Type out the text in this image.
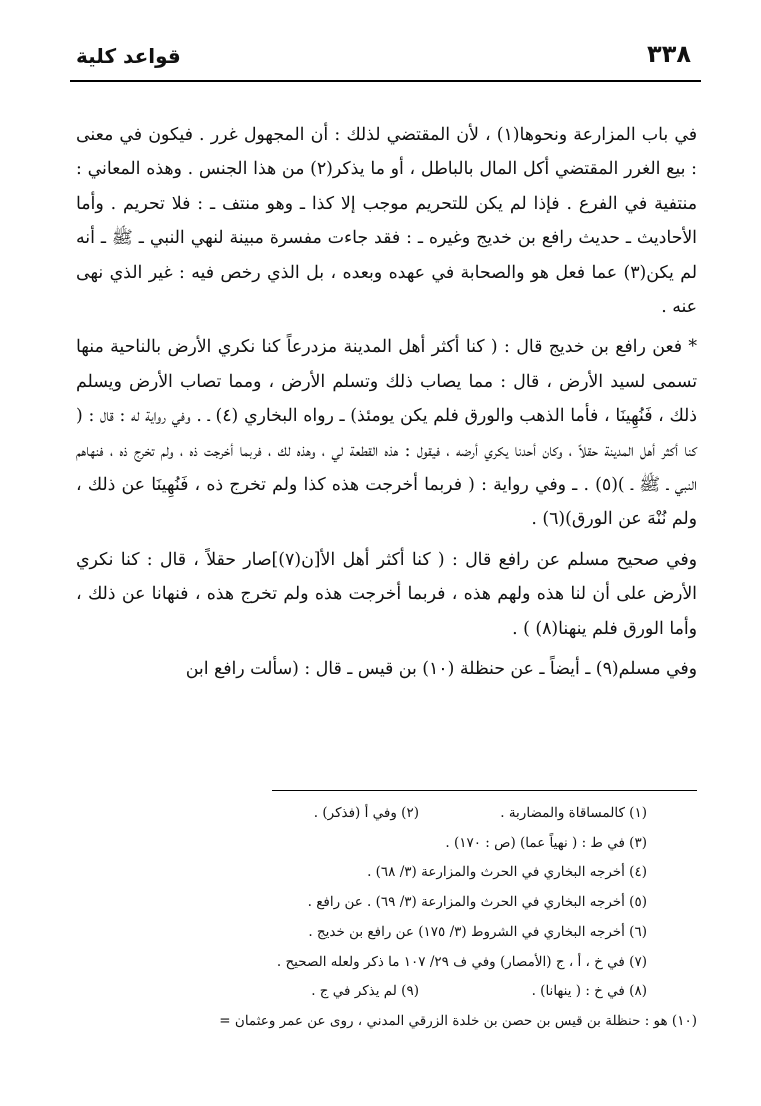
٣٣٨
قواعد كلية

في باب المزارعة ونحوها(١) ، لأن المقتضي لذلك : أن المجهول غرر . فيكون في معنى : بيع الغرر المقتضي أكل المال بالباطل ، أو ما يذكر(٢) من هذا الجنس . وهذه المعاني : منتفية في الفرع . فإذا لم يكن للتحريم موجب إلا كذا ـ وهو منتف ـ : فلا تحريم . وأما الأحاديث ـ حديث رافع بن خديج وغيره ـ : فقد جاءت مفسرة مبينة لنهي النبي ـ ﷺ ـ أنه لم يكن(٣) عما فعل هو والصحابة في عهده وبعده ، بل الذي رخص فيه : غير الذي نهى عنه .

* فعن رافع بن خديج قال : ( كنا أكثر أهل المدينة مزدرعاً كنا نكري الأرض بالناحية منها تسمى لسيد الأرض ، قال : مما يصاب ذلك وتسلم الأرض ، ومما تصاب الأرض ويسلم ذلك ، فَنُهِينَا ، فأما الذهب والورق فلم يكن يومئذ) ـ رواه البخاري (٤) ـ . وفي رواية له : قال : ( كنا أكثر أهل المدينة حقلاً ، وكان أحدنا يكري أرضه ، فيقول : هذه القطعة لي ، وهذه لك ، فربما أخرجت ذه ، ولم تخرج ذه ، فنهاهم النبي ـ ﷺ ـ )(٥) . ـ وفي رواية : ( فربما أخرجت هذه كذا ولم تخرج ذه ، فَنُهِينَا عن ذلك ، ولم نُنْهَ عن الورق)(٦) .

وفي صحيح مسلم عن رافع قال : ( كنا أكثر أهل الأ[ن(٧)]صار حقلاً ، قال : كنا نكري الأرض على أن لنا هذه ولهم هذه ، فربما أخرجت هذه ولم تخرج هذه ، فنهانا عن ذلك ، وأما الورق فلم ينهنا(٨) ) .

وفي مسلم(٩) ـ أيضاً ـ عن حنظلة (١٠) بن قيس ـ قال : (سألت رافع ابن

(١) كالمساقاة والمضاربة .
(٢) وفي أ (فذكر) .
(٣) في ط : ( نهياً عما) (ص : ١٧٠) .
(٤) أخرجه البخاري في الحرث والمزارعة (٣/ ٦٨) .
(٥) أخرجه البخاري في الحرث والمزارعة (٣/ ٦٩) . عن رافع .
(٦) أخرجه البخاري في الشروط (٣/ ١٧٥) عن رافع بن خديج .
(٧) في خ ، أ ، ج (الأمصار) وفي ف ٢٩/ ١٠٧ ما ذكر ولعله الصحيح .
(٨) في خ : ( ينهانا) .
(٩) لم يذكر في ج .
(١٠) هو : حنظلة بن قيس بن حصن بن خلدة الزرقي المدني ، روى عن عمر وعثمان =
